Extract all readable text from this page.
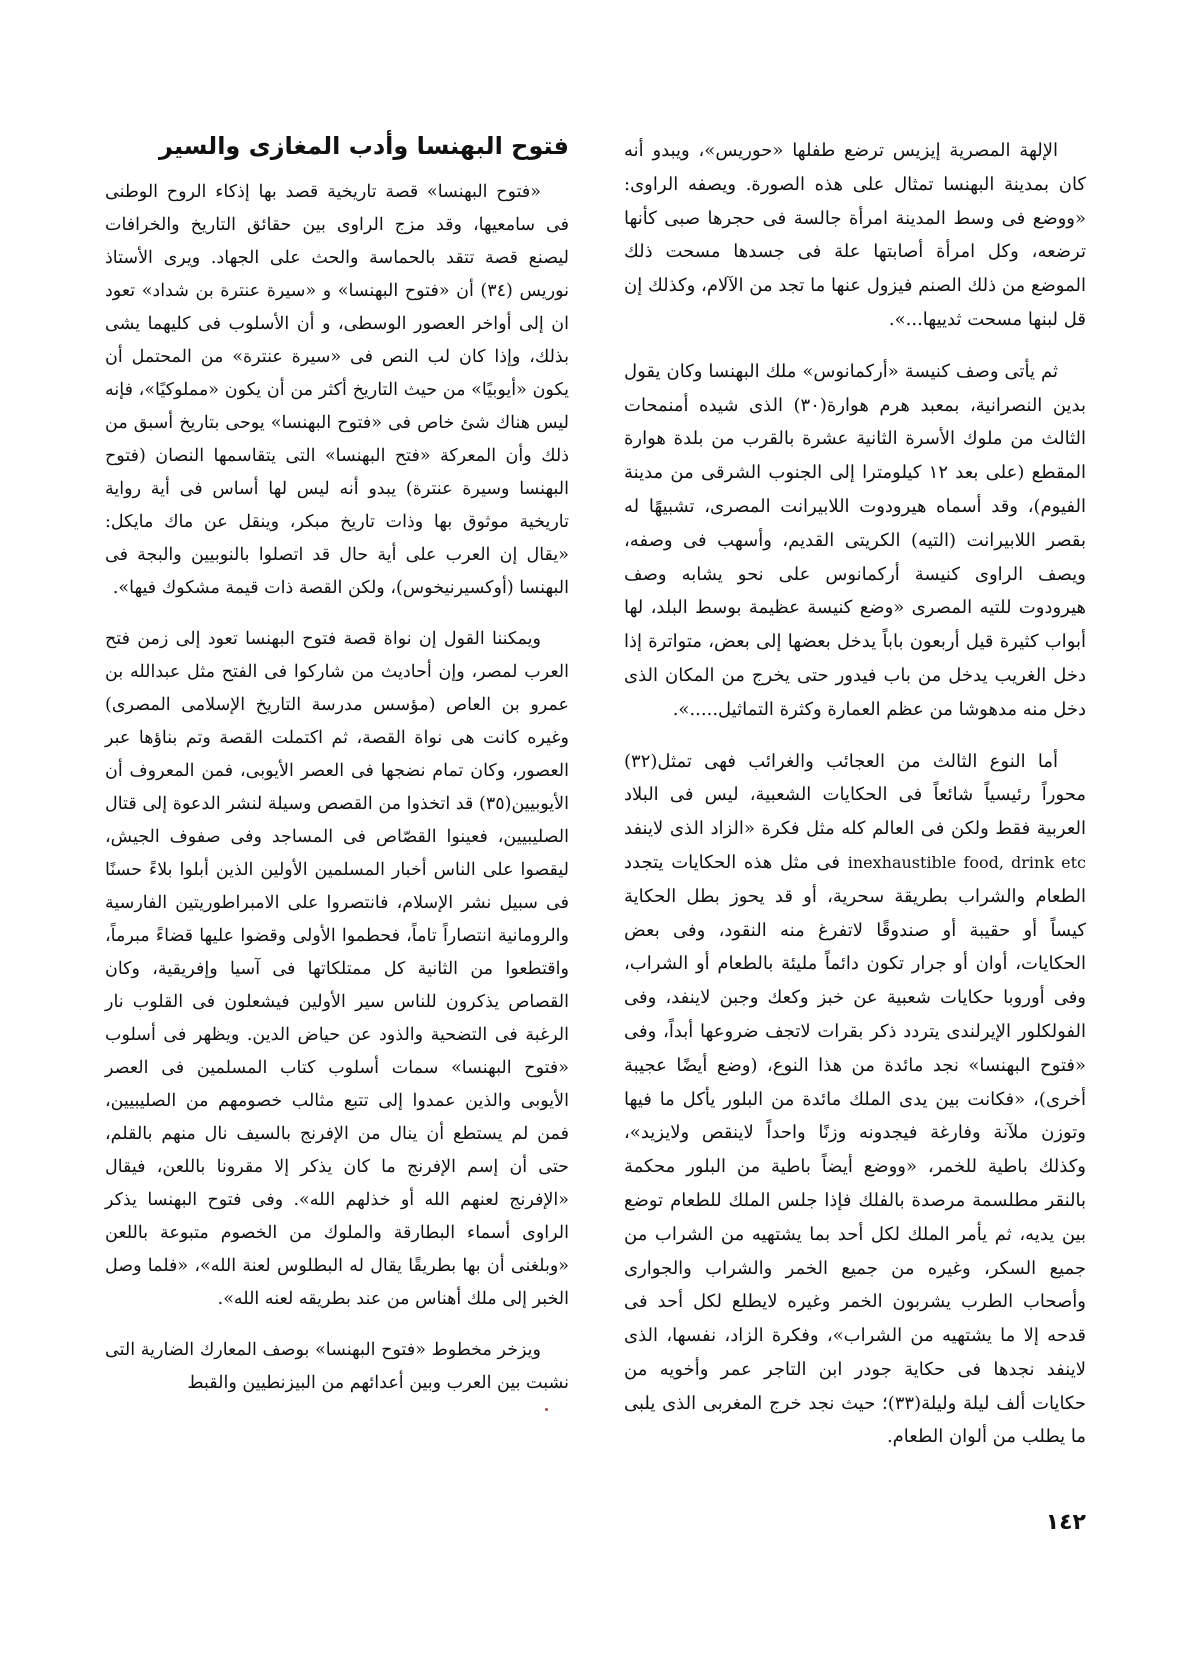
الإلهة المصرية إيزيس ترضع طفلها «حوريس»، ويبدو أنه كان بمدينة البهنسا تمثال على هذه الصورة. ويصفه الراوى: «ووضع فى وسط المدينة امرأة جالسة فى حجرها صبى كأنها ترضعه، وكل امرأة أصابتها علة فى جسدها مسحت ذلك الموضع من ذلك الصنم فيزول عنها ما تجد من الآلام، وكذلك إن قل لبنها مسحت ثدييها...».

ثم يأتى وصف كنيسة «أركمانوس» ملك البهنسا وكان يقول بدين النصرانية، بمعبد هرم هوارة(٣٠) الذى شيده أمنمحات الثالث من ملوك الأسرة الثانية عشرة بالقرب من بلدة هوارة المقطع (على بعد ١٢ كيلومترا إلى الجنوب الشرقى من مدينة الفيوم)، وقد أسماه هيرودوت اللابيرانت المصرى، تشبيهًا له بقصر اللابيرانت (التيه) الكريتى القديم، وأسهب فى وصفه، ويصف الراوى كنيسة أركمانوس على نحو يشابه وصف هيرودوت للتيه المصرى «وضع كنيسة عظيمة بوسط البلد، لها أبواب كثيرة قيل أربعون باباً يدخل بعضها إلى بعض، متواترة إذا دخل الغريب يدخل من باب فيدور حتى يخرج من المكان الذى دخل منه مدهوشا من عظم العمارة وكثرة التماثيل.....».

أما النوع الثالث من العجائب والغرائب فهى تمثل(٣٢) محوراً رئيسياً شائعاً فى الحكايات الشعبية، ليس فى البلاد العربية فقط ولكن فى العالم كله مثل فكرة «الزاد الذى لاينفد inexhaustible food, drink etc فى مثل هذه الحكايات يتجدد الطعام والشراب بطريقة سحرية، أو قد يحوز بطل الحكاية كيساً أو حقيبة أو صندوقًا لاتفرغ منه النقود، وفى بعض الحكايات، أوان أو جرار تكون دائماً مليئة بالطعام أو الشراب، وفى أوروبا حكايات شعبية عن خبز وكعك وجبن لاينفد، وفى الفولكلور الإيرلندى يتردد ذكر بقرات لاتجف ضروعها أبداً، وفى «فتوح البهنسا» نجد مائدة من هذا النوع، (وضع أيضًا عجيبة أخرى)، «فكانت بين يدى الملك مائدة من البلور يأكل ما فيها وتوزن ملآنة وفارغة فيجدونه وزنًا واحداً لاينقص ولايزيد»، وكذلك باطية للخمر، «ووضع أيضاً باطية من البلور محكمة بالنقر مطلسمة مرصدة بالفلك فإذا جلس الملك للطعام توضع بين يديه، ثم يأمر الملك لكل أحد بما يشتهيه من الشراب من جميع السكر، وغيره من جميع الخمر والشراب والجوارى وأصحاب الطرب يشربون الخمر وغيره لايطلع لكل أحد فى قدحه إلا ما يشتهيه من الشراب»، وفكرة الزاد، نفسها، الذى لاينفد نجدها فى حكاية جودر ابن التاجر عمر وأخويه من حكايات ألف ليلة وليلة(٣٣)؛ حيث نجد خرج المغربى الذى يلبى ما يطلب من ألوان الطعام.

فتوح البهنسا وأدب المغازى والسير

«فتوح البهنسا» قصة تاريخية قصد بها إذكاء الروح الوطنى فى سامعيها، وقد مزج الراوى بين حقائق التاريخ والخرافات ليصنع قصة تتقد بالحماسة والحث على الجهاد. ويرى الأستاذ نوريس (٣٤) أن «فتوح البهنسا» و «سيرة عنترة بن شداد» تعود ان إلى أواخر العصور الوسطى، و أن الأسلوب فى كليهما يشى بذلك، وإذا كان لب النص فى «سيرة عنترة» من المحتمل أن يكون «أيوبيًا» من حيث التاريخ أكثر من أن يكون «مملوكيًا»، فإنه ليس هناك شئ خاص فى «فتوح البهنسا» يوحى بتاريخ أسبق من ذلك وأن المعركة «فتح البهنسا» التى يتقاسمها النصان (فتوح البهنسا وسيرة عنترة) يبدو أنه ليس لها أساس فى أية رواية تاريخية موثوق بها وذات تاريخ مبكر، وينقل عن ماك مايكل: «يقال إن العرب على أية حال قد اتصلوا بالنوبيين والبجة فى البهنسا (أوكسيرنيخوس)، ولكن القصة ذات قيمة مشكوك فيها».

ويمكننا القول إن نواة قصة فتوح البهنسا تعود إلى زمن فتح العرب لمصر، وإن أحاديث من شاركوا فى الفتح مثل عبدالله بن عمرو بن العاص (مؤسس مدرسة التاريخ الإسلامى المصرى) وغيره كانت هى نواة القصة، ثم اكتملت القصة وتم بناؤها عبر العصور، وكان تمام نضجها فى العصر الأيوبى، فمن المعروف أن الأيوبيين(٣٥) قد اتخذوا من القصص وسيلة لنشر الدعوة إلى قتال الصليبيين، فعينوا القصّاص فى المساجد وفى صفوف الجيش، ليقصوا على الناس أخبار المسلمين الأولين الذين أبلوا بلاءً حسنًا فى سبيل نشر الإسلام، فانتصروا على الامبراطوريتين الفارسية والرومانية انتصاراً تاماً، فحطموا الأولى وقضوا عليها قضاءً مبرماً، واقتطعوا من الثانية كل ممتلكاتها فى آسيا وإفريقية، وكان القصاص يذكرون للناس سير الأولين فيشعلون فى القلوب نار الرغبة فى التضحية والذود عن حياض الدين. ويظهر فى أسلوب «فتوح البهنسا» سمات أسلوب كتاب المسلمين فى العصر الأيوبى والذين عمدوا إلى تتبع مثالب خصومهم من الصليبيين، فمن لم يستطع أن ينال من الإفرنج بالسيف نال منهم بالقلم، حتى أن إسم الإفرنج ما كان يذكر إلا مقرونا باللعن، فيقال «الإفرنج لعنهم الله أو خذلهم الله». وفى فتوح البهنسا يذكر الراوى أسماء البطارقة والملوك من الخصوم متبوعة باللعن «وبلغنى أن بها بطريقًا يقال له البطلوس لعنة الله»، «فلما وصل الخبر إلى ملك أهناس من عند بطريقه لعنه الله».

ويزخر مخطوط «فتوح البهنسا» بوصف المعارك الضارية التى نشبت بين العرب وبين أعدائهم من البيزنطيين والقبط

١٤٢
